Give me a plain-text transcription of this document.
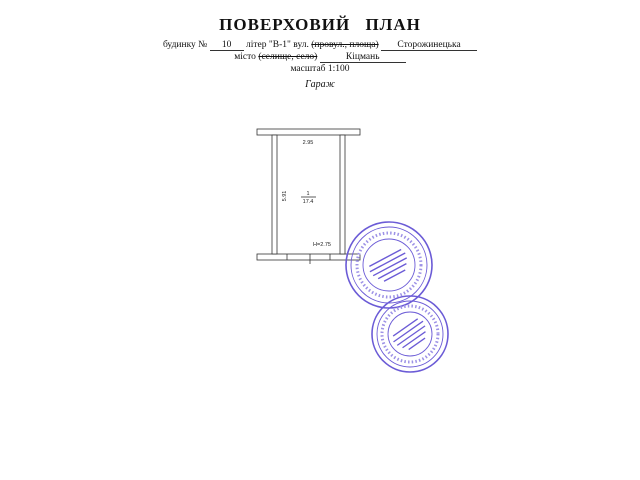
ПОВЕРХОВИЙ ПЛАН
будинку № 10 літер "В-1" вул. (провул., площа) Сторожинецька
місто (селище, село)	Кіцмань
масштаб 1:100
Гараж
2.95
5.91	1
17.4
Н=2.75
